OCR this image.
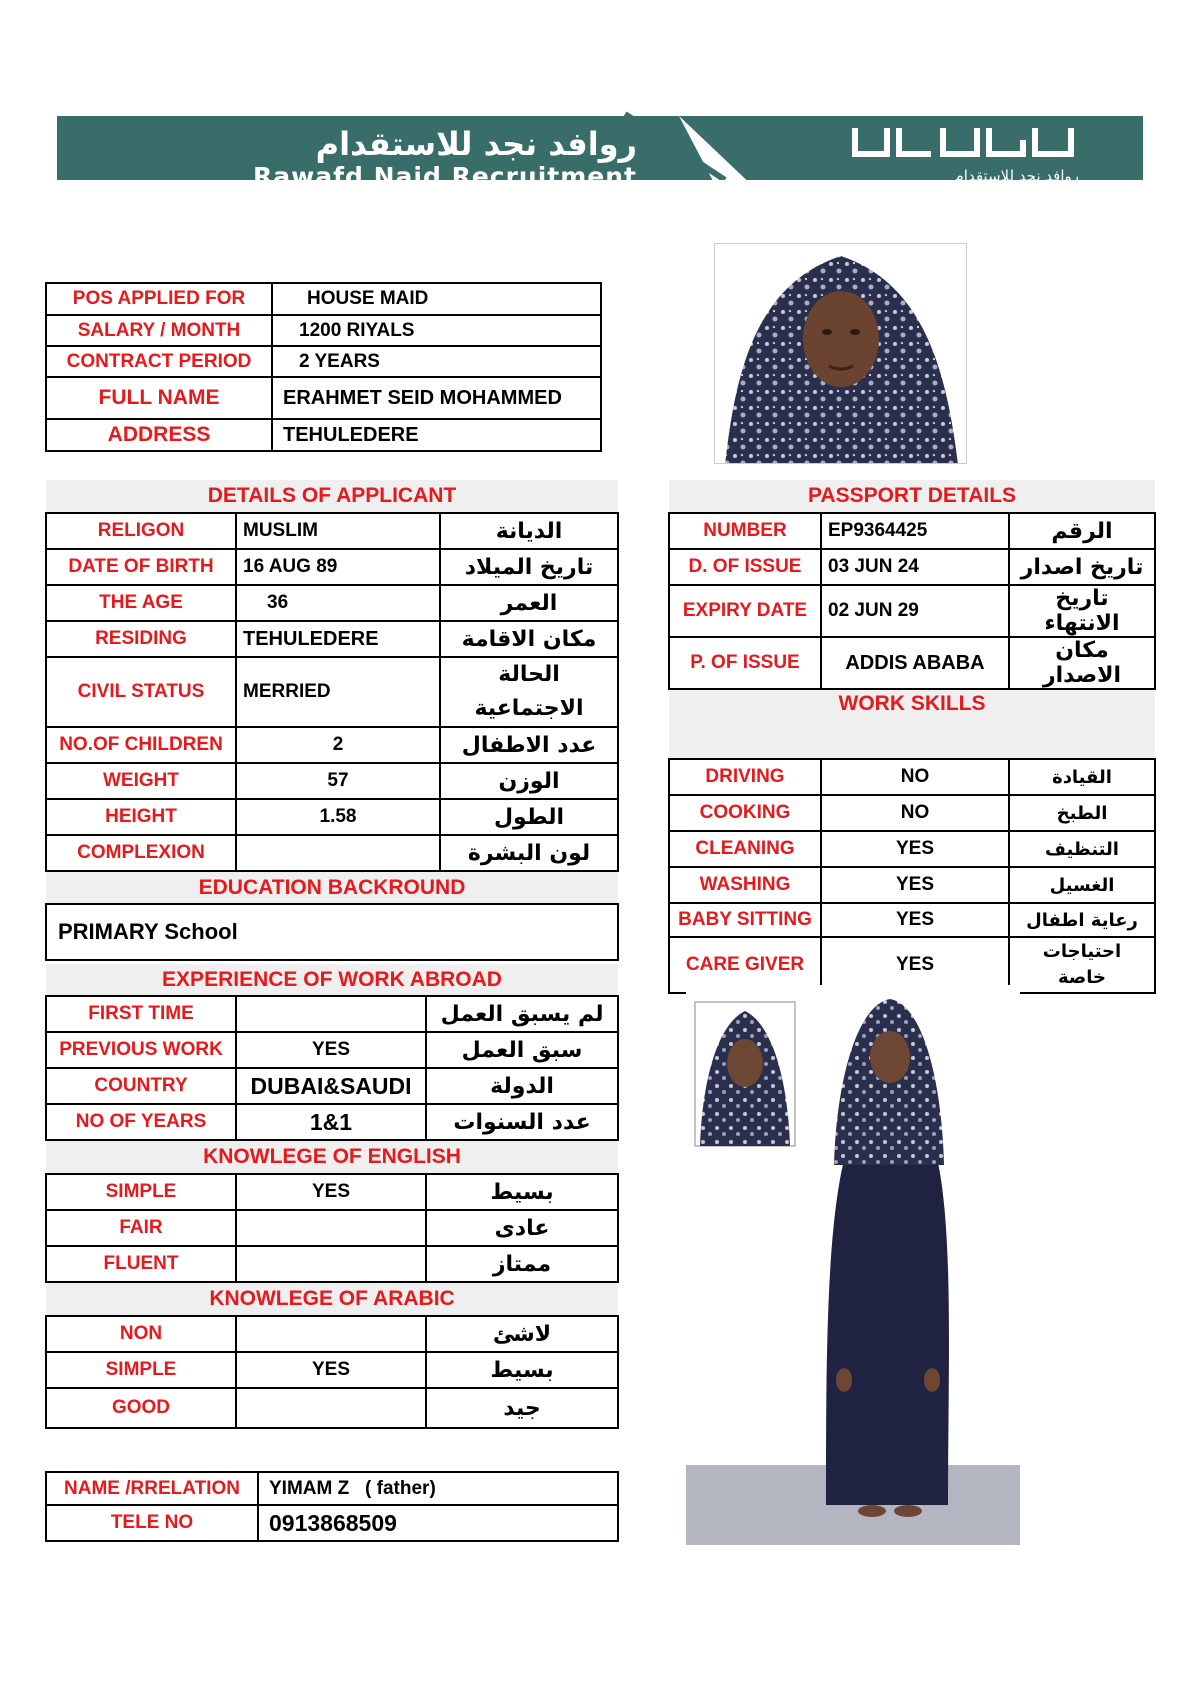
روافد نجد للاستقدام
Rawafd Najd Recruitment	روافد نجد للاستقدام
POS APPLIED FOR	HOUSE MAID
SALARY / MONTH	1200 RIYALS
CONTRACT PERIOD	2 YEARS
FULL NAME	ERAHMET SEID MOHAMMED
ADDRESS	TEHULEDERE
DETAILS OF APPLICANT		
RELIGON	MUSLIM	الديانة
DATE OF BIRTH	16 AUG 89	تاريخ الميلاد
THE AGE	36	العمر
RESIDING	TEHULEDERE	مكان الاقامة
CIVIL STATUS	MERRIED	الحالة الاجتماعية
NO.OF CHILDREN	2	عدد الاطفال
WEIGHT	57	الوزن
HEIGHT	1.58	الطول
COMPLEXION		لون البشرة
EDUCATION BACKROUND		
PRIMARY School		
EXPERIENCE OF WORK ABROAD		
FIRST TIME		لم يسبق العمل
PREVIOUS WORK	YES	سبق العمل
COUNTRY	DUBAI&SAUDI	الدولة
NO OF YEARS	1&1	عدد السنوات
KNOWLEGE OF ENGLISH		
SIMPLE	YES	بسيط
FAIR		عادى
FLUENT		ممتاز
KNOWLEGE OF ARABIC		
NON		لاشئ
SIMPLE	YES	بسيط
GOOD		جيد
NAME /RRELATION	YIMAM Z   ( father)
TELE NO	0913868509
PASSPORT DETAILS		
NUMBER	EP9364425	الرقم
D. OF ISSUE	03 JUN 24	تاريخ اصدار
EXPIRY DATE	02 JUN 29	تاريخ الانتهاء
P. OF ISSUE	ADDIS ABABA	مكان الاصدار
WORK SKILLS		
DRIVING	NO	القيادة
COOKING	NO	الطبخ
CLEANING	YES	التنظيف
WASHING	YES	الغسيل
BABY SITTING	YES	رعاية اطفال
CARE GIVER	YES	احتياجات خاصة
